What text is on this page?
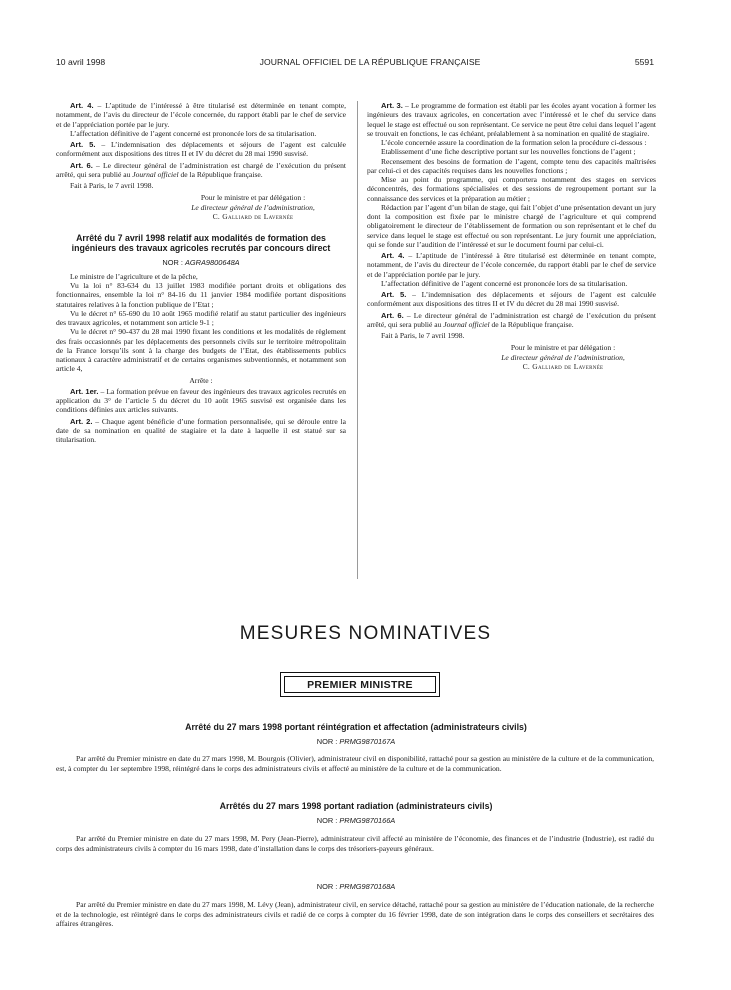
10 avril 1998	JOURNAL OFFICIEL DE LA RÉPUBLIQUE FRANÇAISE	5591

Art. 4. – L’aptitude de l’intéressé à être titularisé est déterminée en tenant compte, notamment, de l’avis du directeur de l’école concernée, du rapport établi par le chef de service et de l’appréciation portée par le jury.

L’affectation définitive de l’agent concerné est prononcée lors de sa titularisation.

Art. 5. – L’indemnisation des déplacements et séjours de l’agent est calculée conformément aux dispositions des titres II et IV du décret du 28 mai 1990 susvisé.

Art. 6. – Le directeur général de l’administration est chargé de l’exécution du présent arrêté, qui sera publié au Journal officiel de la République française.

Fait à Paris, le 7 avril 1998.

Pour le ministre et par délégation :
Le directeur général de l’administration,
C. Galliard de Lavernée
Arrêté du 7 avril 1998 relatif aux modalités de formation des ingénieurs des travaux agricoles recrutés par concours direct
NOR : AGRA9800648A

Le ministre de l’agriculture et de la pêche,

Vu la loi n° 83-634 du 13 juillet 1983 modifiée portant droits et obligations des fonctionnaires, ensemble la loi n° 84-16 du 11 janvier 1984 modifiée portant dispositions statutaires relatives à la fonction publique de l’Etat ;

Vu le décret n° 65-690 du 10 août 1965 modifié relatif au statut particulier des ingénieurs des travaux agricoles, et notamment son article 9-1 ;

Vu le décret n° 90-437 du 28 mai 1990 fixant les conditions et les modalités de règlement des frais occasionnés par les déplacements des personnels civils sur le territoire métropolitain de la France lorsqu’ils sont à la charge des budgets de l’Etat, des établissements publics nationaux à caractère administratif et de certains organismes subventionnés, et notamment son article 4,

Arrête :

Art. 1er. – La formation prévue en faveur des ingénieurs des travaux agricoles recrutés en application du 3° de l’article 5 du décret du 10 août 1965 susvisé est organisée dans les conditions définies aux articles suivants.

Art. 2. – Chaque agent bénéficie d’une formation personnalisée, qui se déroule entre la date de sa nomination en qualité de stagiaire et la date à laquelle il est statué sur sa titularisation.

Art. 3. – Le programme de formation est établi par les écoles ayant vocation à former les ingénieurs des travaux agricoles, en concertation avec l’intéressé et le chef du service dans lequel le stage est effectué ou son représentant. Ce service ne peut être celui dans lequel l’agent se trouvait en fonctions, le cas échéant, préalablement à sa nomination en qualité de stagiaire.

L’école concernée assure la coordination de la formation selon la procédure ci-dessous :

Etablissement d’une fiche descriptive portant sur les nouvelles fonctions de l’agent ;

Recensement des besoins de formation de l’agent, compte tenu des capacités maîtrisées par celui-ci et des capacités requises dans les nouvelles fonctions ;

Mise au point du programme, qui comportera notamment des stages en services déconcentrés, des formations spécialisées et des sessions de regroupement portant sur la connaissance des services et la préparation au métier ;

Rédaction par l’agent d’un bilan de stage, qui fait l’objet d’une présentation devant un jury dont la composition est fixée par le ministre chargé de l’agriculture et qui comprend obligatoirement le directeur de l’établissement de formation ou son représentant et le chef du service dans lequel le stage est effectué ou son représentant. Le jury fournit une appréciation, qui se fonde sur l’audition de l’intéressé et sur le document fourni par celui-ci.

Art. 4. – L’aptitude de l’intéressé à être titularisé est déterminée en tenant compte, notamment, de l’avis du directeur de l’école concernée, du rapport établi par le chef de service et de l’appréciation portée par le jury.

L’affectation définitive de l’agent concerné est prononcée lors de sa titularisation.

Art. 5. – L’indemnisation des déplacements et séjours de l’agent est calculée conformément aux dispositions des titres II et IV du décret du 28 mai 1990 susvisé.

Art. 6. – Le directeur général de l’administration est chargé de l’exécution du présent arrêté, qui sera publié au Journal officiel de la République française.

Fait à Paris, le 7 avril 1998.

Pour le ministre et par délégation :
Le directeur général de l’administration,
C. Galliard de Lavernée
MESURES NOMINATIVES
PREMIER MINISTRE
Arrêté du 27 mars 1998 portant réintégration et affectation (administrateurs civils)
NOR : PRMG9870167A
Par arrêté du Premier ministre en date du 27 mars 1998, M. Bourgois (Olivier), administrateur civil en disponibilité, rattaché pour sa gestion au ministère de la culture et de la communication, est, à compter du 1er septembre 1998, réintégré dans le corps des administrateurs civils et affecté au ministère de la culture et de la communication.
Arrêtés du 27 mars 1998 portant radiation (administrateurs civils)
NOR : PRMG9870166A
Par arrêté du Premier ministre en date du 27 mars 1998, M. Pery (Jean-Pierre), administrateur civil affecté au ministère de l’économie, des finances et de l’industrie (Industrie), est radié du corps des administrateurs civils à compter du 16 mars 1998, date d’installation dans le corps des trésoriers-payeurs généraux.
NOR : PRMG9870168A
Par arrêté du Premier ministre en date du 27 mars 1998, M. Lévy (Jean), administrateur civil, en service détaché, rattaché pour sa gestion au ministère de l’éducation nationale, de la recherche et de la technologie, est réintégré dans le corps des administrateurs civils et radié de ce corps à compter du 16 février 1998, date de son intégration dans le corps des conseillers et secrétaires des affaires étrangères.
